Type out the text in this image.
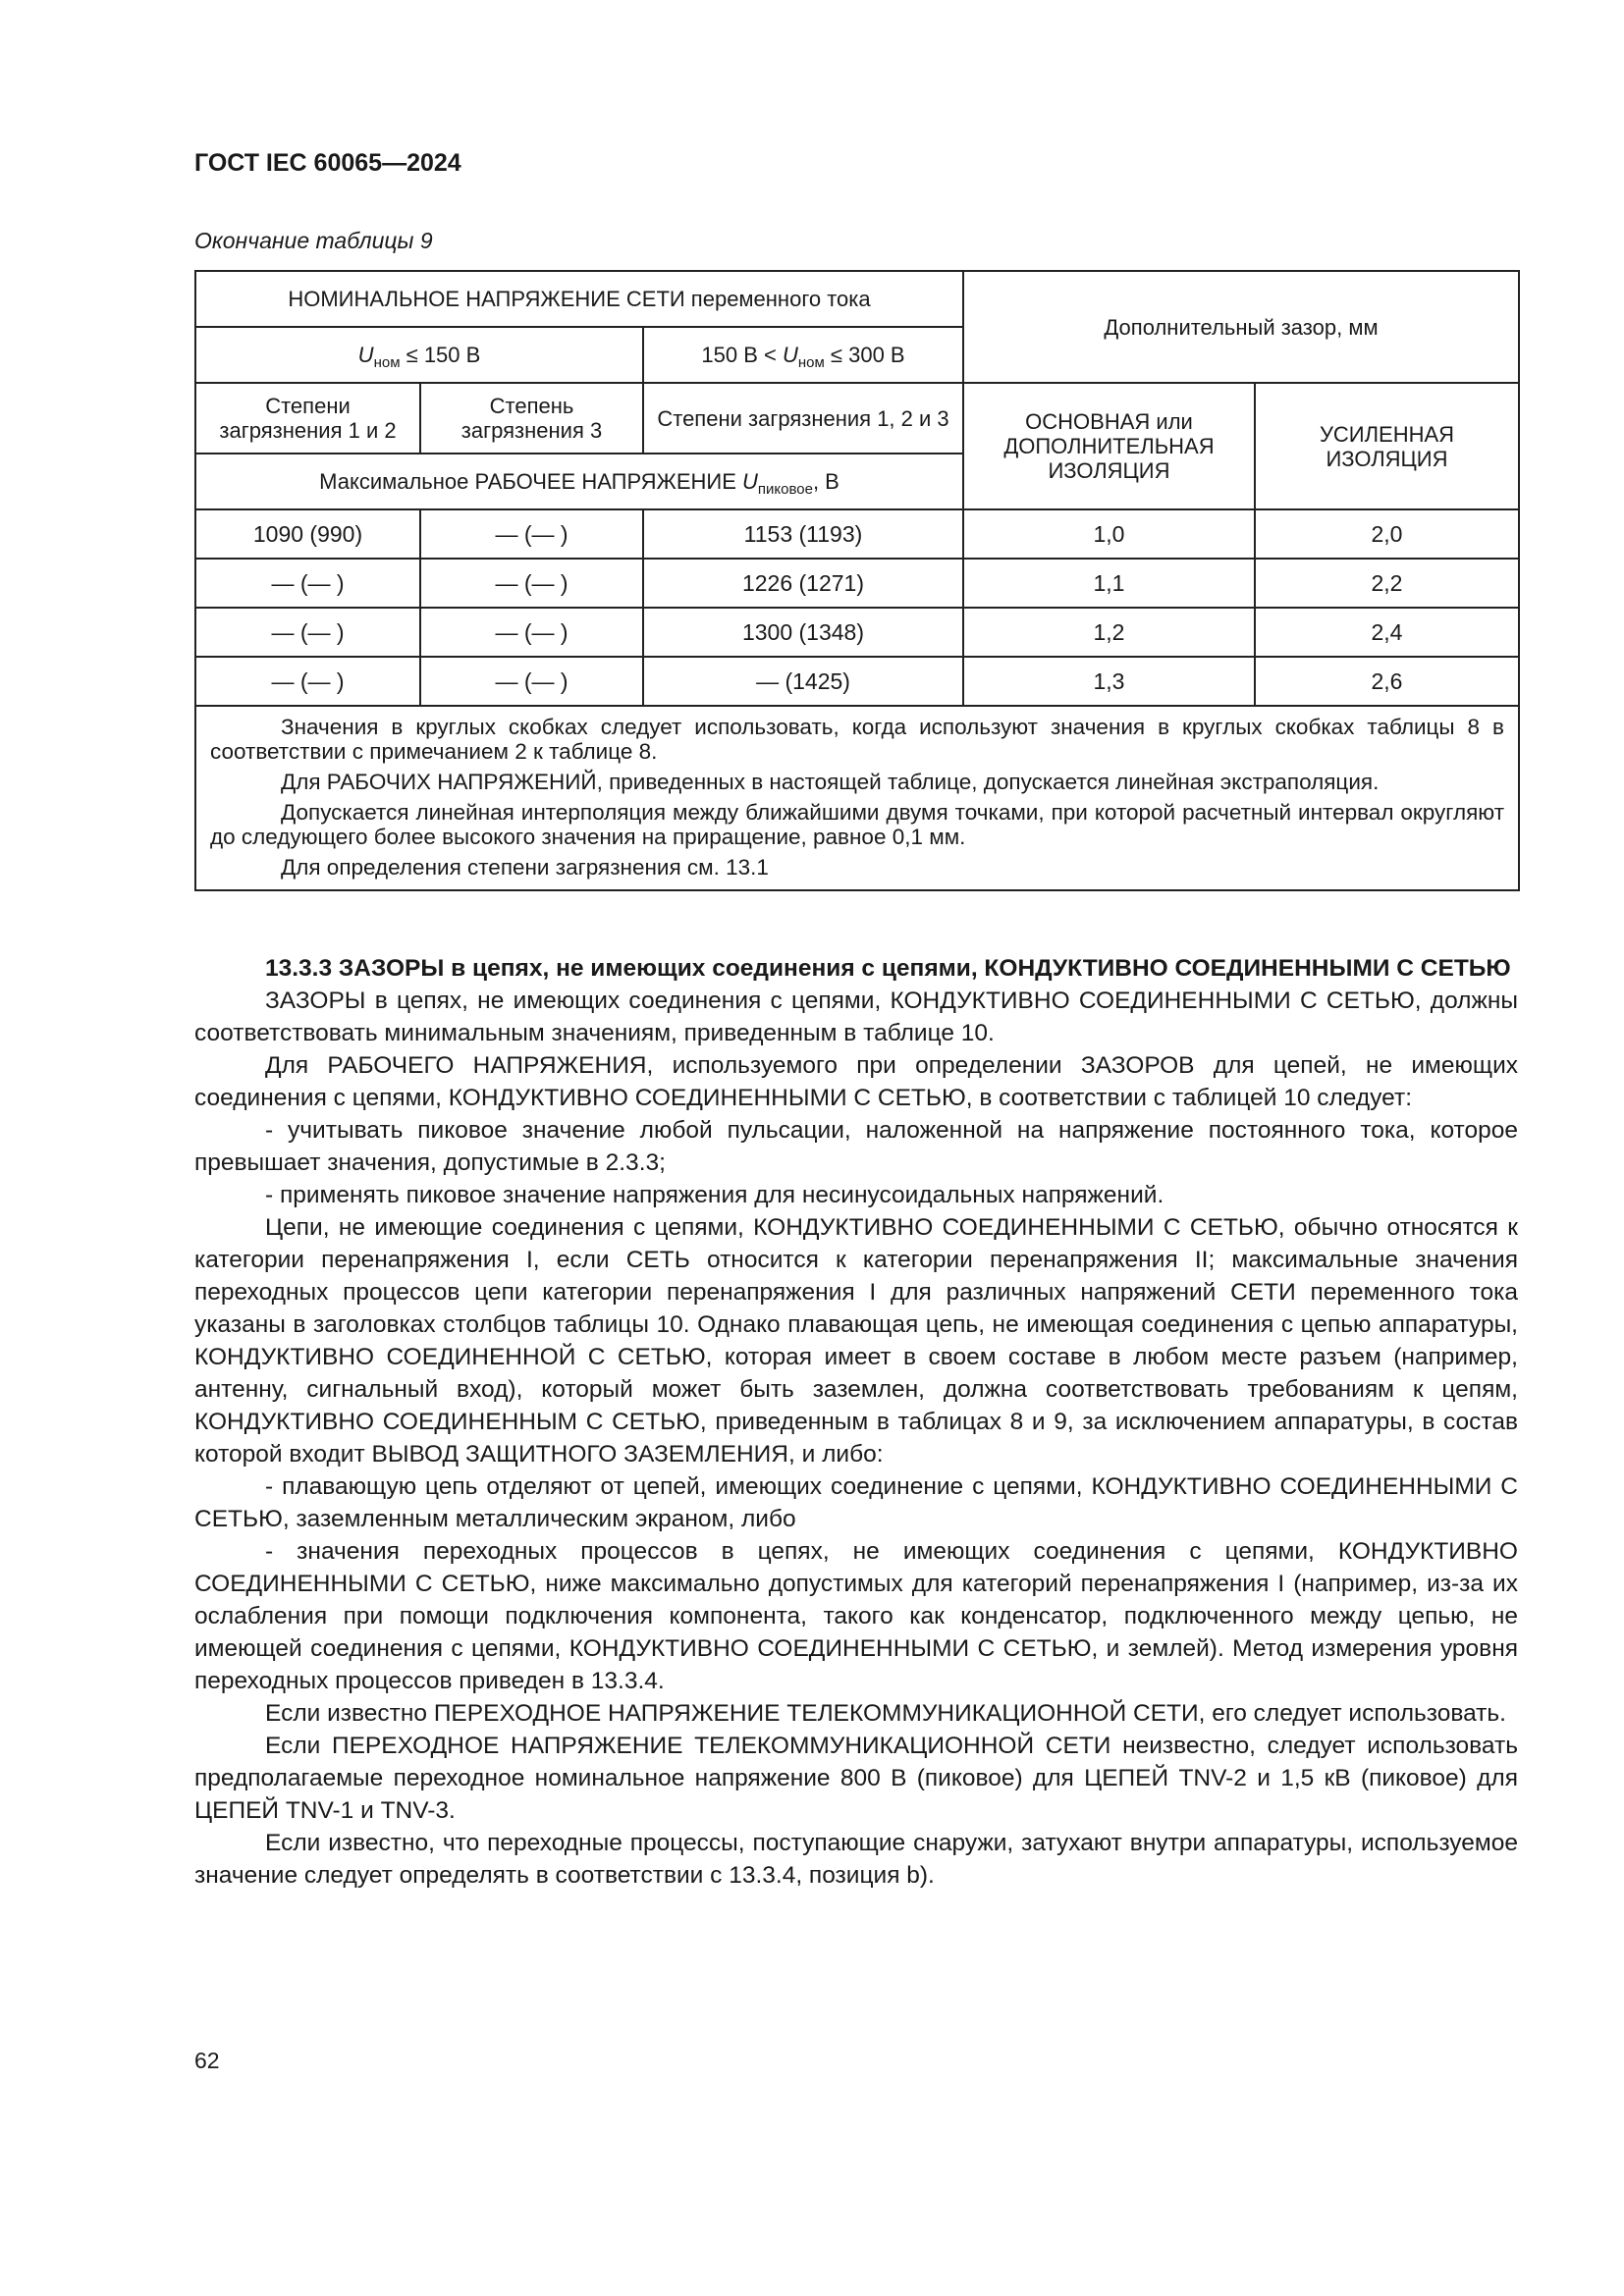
ГОСТ IEC 60065—2024
Окончание таблицы 9
НОМИНАЛЬНОЕ НАПРЯЖЕНИЕ СЕТИ переменного тока			Дополнительный зазор, мм	
$U_{ном} \le 150$ В		150 $В < U_{ном} \le 300$ В		
Степени загрязнения 1 и 2	Степень загрязнения 3	Степени загрязнения 1, 2 и 3	ОСНОВНАЯ или ДОПОЛНИТЕЛЬНАЯ ИЗОЛЯЦИЯ	УСИЛЕННАЯ ИЗОЛЯЦИЯ
Максимальное РАБОЧЕЕ НАПРЯЖЕНИЕ $U_{пиковое}$, В				
1090 (990)	— (— )	1153 (1193)	1,0	2,0
— (— )	— (— )	1226 (1271)	1,1	2,2
— (— )	— (— )	1300 (1348)	1,2	2,4
— (— )	— (— )	— (1425)	1,3	2,6

Значения в круглых скобках следует использовать, когда используют значения в круглых скобках таблицы 8 в соответствии с примечанием 2 к таблице 8.

Для РАБОЧИХ НАПРЯЖЕНИЙ, приведенных в настоящей таблице, допускается линейная экстраполяция.

Допускается линейная интерполяция между ближайшими двумя точками, при которой расчетный интервал округляют до следующего более высокого значения на приращение, равное 0,1 мм.

Для определения степени загрязнения см. 13.1				

13.3.3 ЗАЗОРЫ в цепях, не имеющих соединения с цепями, КОНДУКТИВНО СОЕДИНЕННЫМИ С СЕТЬЮ

ЗАЗОРЫ в цепях, не имеющих соединения с цепями, КОНДУКТИВНО СОЕДИНЕННЫМИ С СЕТЬЮ, должны соответствовать минимальным значениям, приведенным в таблице 10.

Для РАБОЧЕГО НАПРЯЖЕНИЯ, используемого при определении ЗАЗОРОВ для цепей, не имеющих соединения с цепями, КОНДУКТИВНО СОЕДИНЕННЫМИ С СЕТЬЮ, в соответствии с таблицей 10 следует:

- учитывать пиковое значение любой пульсации, наложенной на напряжение постоянного тока, которое превышает значения, допустимые в 2.3.3;

- применять пиковое значение напряжения для несинусоидальных напряжений.

Цепи, не имеющие соединения с цепями, КОНДУКТИВНО СОЕДИНЕННЫМИ С СЕТЬЮ, обычно относятся к категории перенапряжения I, если СЕТЬ относится к категории перенапряжения II; максимальные значения переходных процессов цепи категории перенапряжения I для различных напряжений СЕТИ переменного тока указаны в заголовках столбцов таблицы 10. Однако плавающая цепь, не имеющая соединения с цепью аппаратуры, КОНДУКТИВНО СОЕДИНЕННОЙ С СЕТЬЮ, которая имеет в своем составе в любом месте разъем (например, антенну, сигнальный вход), который может быть заземлен, должна соответствовать требованиям к цепям, КОНДУКТИВНО СОЕДИНЕННЫМ С СЕТЬЮ, приведенным в таблицах 8 и 9, за исключением аппаратуры, в состав которой входит ВЫВОД ЗАЩИТНОГО ЗАЗЕМЛЕНИЯ, и либо:

- плавающую цепь отделяют от цепей, имеющих соединение с цепями, КОНДУКТИВНО СОЕДИНЕННЫМИ С СЕТЬЮ, заземленным металлическим экраном, либо

- значения переходных процессов в цепях, не имеющих соединения с цепями, КОНДУКТИВНО СОЕДИНЕННЫМИ С СЕТЬЮ, ниже максимально допустимых для категорий перенапряжения I (например, из-за их ослабления при помощи подключения компонента, такого как конденсатор, подключенного между цепью, не имеющей соединения с цепями, КОНДУКТИВНО СОЕДИНЕННЫМИ С СЕТЬЮ, и землей). Метод измерения уровня переходных процессов приведен в 13.3.4.

Если известно ПЕРЕХОДНОЕ НАПРЯЖЕНИЕ ТЕЛЕКОММУНИКАЦИОННОЙ СЕТИ, его следует использовать.

Если ПЕРЕХОДНОЕ НАПРЯЖЕНИЕ ТЕЛЕКОММУНИКАЦИОННОЙ СЕТИ неизвестно, следует использовать предполагаемые переходное номинальное напряжение 800 В (пиковое) для ЦЕПЕЙ TNV-2 и 1,5 кВ (пиковое) для ЦЕПЕЙ TNV-1 и TNV-3.

Если известно, что переходные процессы, поступающие снаружи, затухают внутри аппаратуры, используемое значение следует определять в соответствии с 13.3.4, позиция b).

62
